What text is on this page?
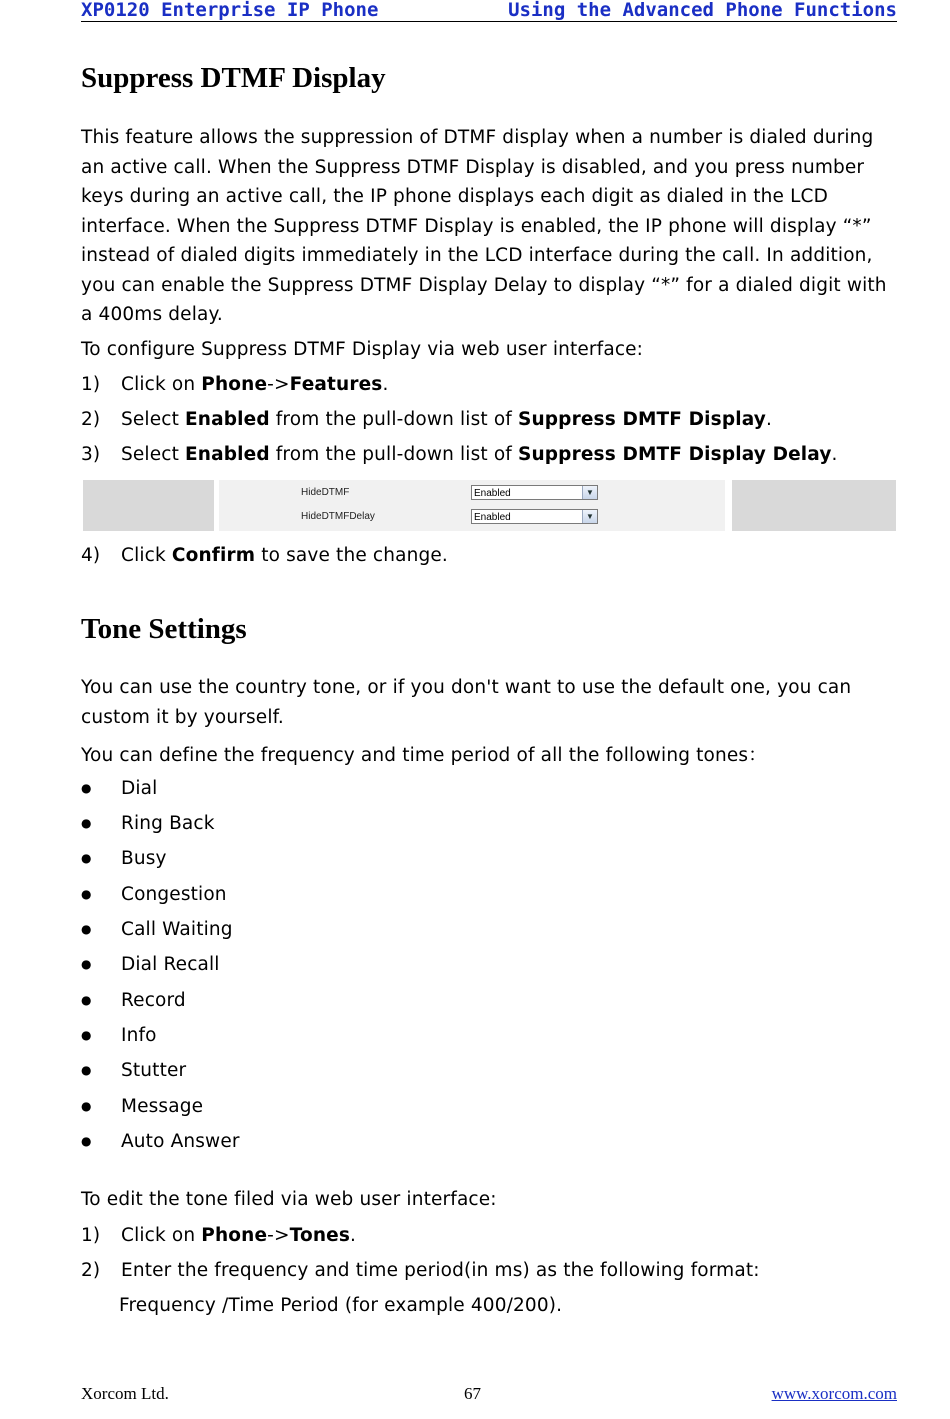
XP0120 Enterprise IP Phone	Using the Advanced Phone Functions
Suppress DTMF Display

This feature allows the suppression of DTMF display when a number is dialed during an active call. When the Suppress DTMF Display is disabled, and you press number keys during an active call, the IP phone displays each digit as dialed in the LCD interface. When the Suppress DTMF Display is enabled, the IP phone will display “*” instead of dialed digits immediately in the LCD interface during the call. In addition, you can enable the Suppress DTMF Display Delay to display “*” for a dialed digit with a 400ms delay.

To configure Suppress DTMF Display via web user interface:
1) Click on Phone->Features.
2) Select Enabled from the pull-down list of Suppress DMTF Display.
3) Select Enabled from the pull-down list of Suppress DMTF Display Delay.
HideDTMF	Enabled	▼
HideDTMFDelay	Enabled	▼
4) Click Confirm to save the change.
Tone Settings

You can use the country tone, or if you don't want to use the default one, you can custom it by yourself.

You can define the frequency and time period of all the following tones：
● Dial
● Ring Back
● Busy
● Congestion
● Call Waiting
● Dial Recall
● Record
● Info
● Stutter
● Message
● Auto Answer
To edit the tone filed via web user interface:
1) Click on Phone->Tones.
2) Enter the frequency and time period(in ms) as the following format:
Frequency /Time Period (for example 400/200).
Xorcom Ltd.	67	www.xorcom.com
